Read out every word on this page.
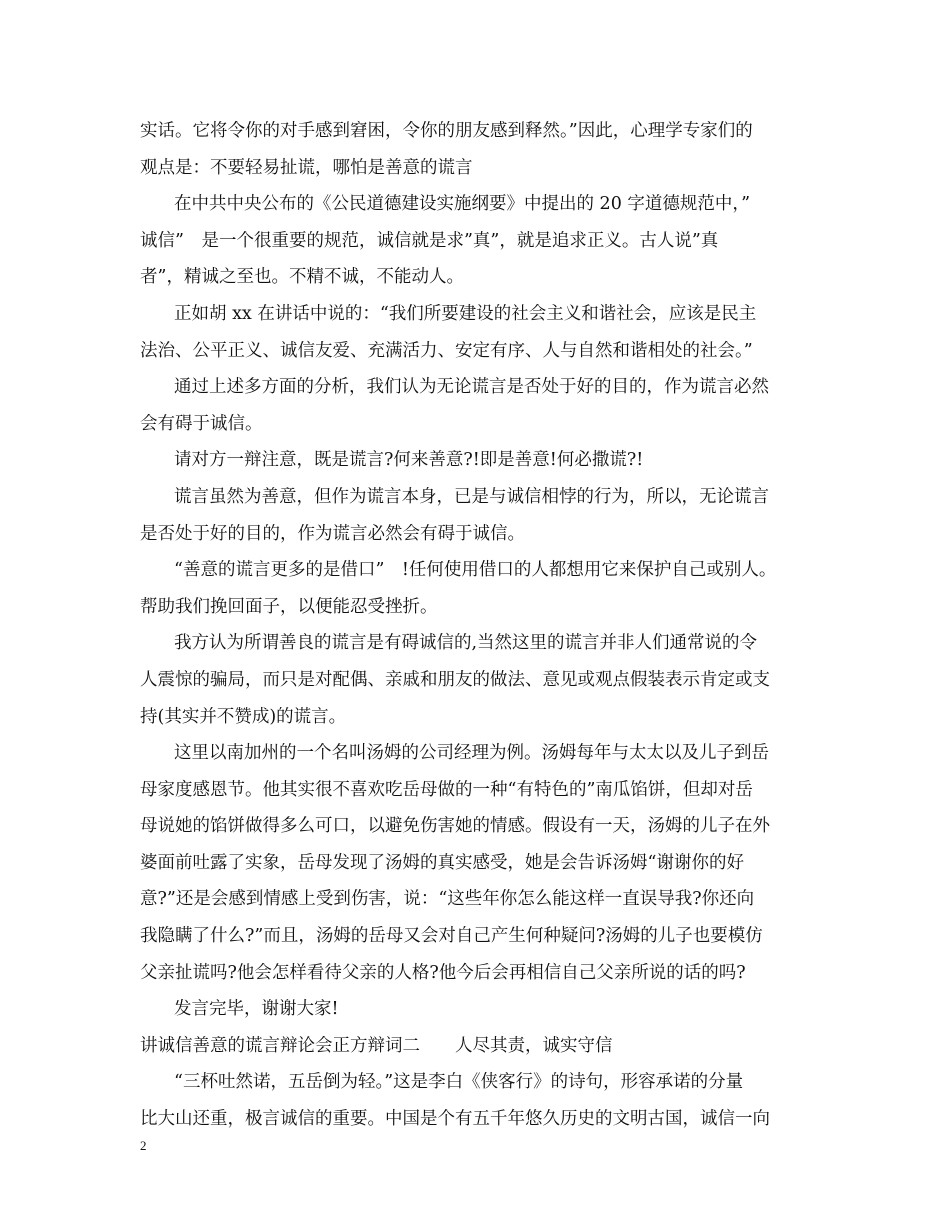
实话。它将令你的对手感到窘困，令你的朋友感到释然。”因此，心理学专家们的
观点是：不要轻易扯谎，哪怕是善意的谎言
在中共中央公布的《公民道德建设实施纲要》中提出的 20 字道德规范中，”
诚信”　是一个很重要的规范，诚信就是求”真”，就是追求正义。古人说”真
者”，精诚之至也。不精不诚，不能动人。
正如胡 xx 在讲话中说的：“我们所要建设的社会主义和谐社会，应该是民主
法治、公平正义、诚信友爱、充满活力、安定有序、人与自然和谐相处的社会。”
通过上述多方面的分析，我们认为无论谎言是否处于好的目的，作为谎言必然
会有碍于诚信。
请对方一辩注意，既是谎言?何来善意?!即是善意!何必撒谎?!
谎言虽然为善意，但作为谎言本身，已是与诚信相悖的行为，所以，无论谎言
是否处于好的目的，作为谎言必然会有碍于诚信。
“善意的谎言更多的是借口”　!任何使用借口的人都想用它来保护自己或别人。
帮助我们挽回面子，以便能忍受挫折。
我方认为所谓善良的谎言是有碍诚信的,当然这里的谎言并非人们通常说的令
人震惊的骗局，而只是对配偶、亲戚和朋友的做法、意见或观点假装表示肯定或支
持(其实并不赞成)的谎言。
这里以南加州的一个名叫汤姆的公司经理为例。汤姆每年与太太以及儿子到岳
母家度感恩节。他其实很不喜欢吃岳母做的一种“有特色的”南瓜馅饼，但却对岳
母说她的馅饼做得多么可口，以避免伤害她的情感。假设有一天，汤姆的儿子在外
婆面前吐露了实象，岳母发现了汤姆的真实感受，她是会告诉汤姆“谢谢你的好
意?”还是会感到情感上受到伤害，说：“这些年你怎么能这样一直误导我?你还向
我隐瞒了什么?”而且，汤姆的岳母又会对自己产生何种疑问?汤姆的儿子也要模仿
父亲扯谎吗?他会怎样看待父亲的人格?他今后会再相信自己父亲所说的话的吗?
发言完毕，谢谢大家!
讲诚信善意的谎言辩论会正方辩词二　　人尽其责，诚实守信
“三杯吐然诺，五岳倒为轻。”这是李白《侠客行》的诗句，形容承诺的分量
比大山还重，极言诚信的重要。中国是个有五千年悠久历史的文明古国，诚信一向
2
